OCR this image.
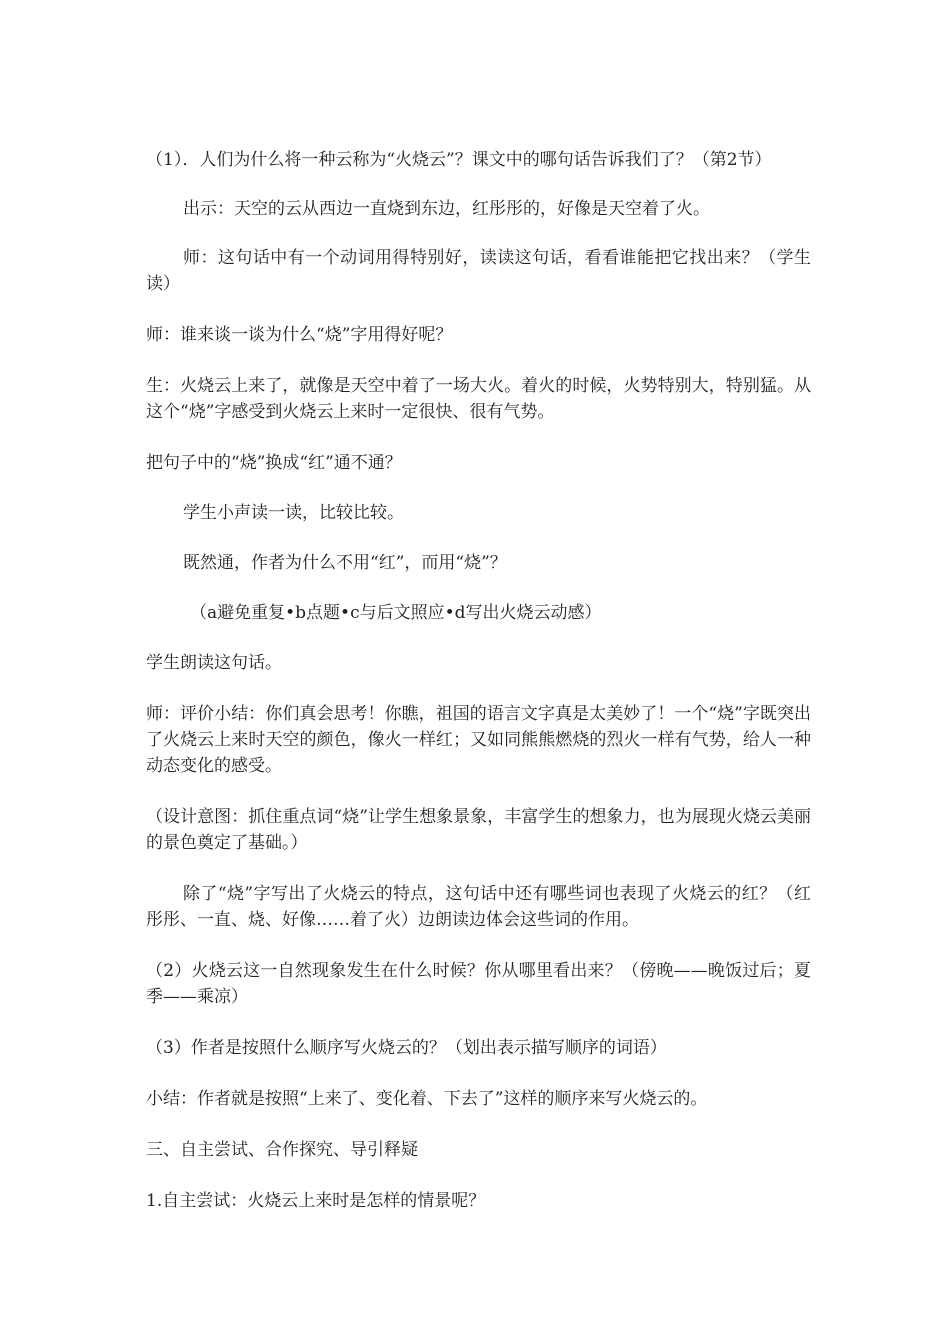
（1）．人们为什么将一种云称为“火烧云”？课文中的哪句话告诉我们了？（第2节）

出示：天空的云从西边一直烧到东边，红彤彤的，好像是天空着了火。

师：这句话中有一个动词用得特别好，读读这句话，看看谁能把它找出来？（学生读）

师：谁来谈一谈为什么“烧”字用得好呢？

生：火烧云上来了，就像是天空中着了一场大火。着火的时候，火势特别大，特别猛。从这个“烧”字感受到火烧云上来时一定很快、很有气势。

把句子中的“烧”换成“红”通不通？

学生小声读一读，比较比较。

既然通，作者为什么不用“红”，而用“烧”？

（a避免重复•b点题•c与后文照应•d写出火烧云动感）

学生朗读这句话。

师：评价小结：你们真会思考！你瞧，祖国的语言文字真是太美妙了！一个“烧”字既突出了火烧云上来时天空的颜色，像火一样红；又如同熊熊燃烧的烈火一样有气势，给人一种动态变化的感受。

（设计意图：抓住重点词“烧”让学生想象景象，丰富学生的想象力，也为展现火烧云美丽的景色奠定了基础。）

除了“烧”字写出了火烧云的特点，这句话中还有哪些词也表现了火烧云的红？（红彤彤、一直、烧、好像……着了火）边朗读边体会这些词的作用。

（2）火烧云这一自然现象发生在什么时候？你从哪里看出来？（傍晚——晚饭过后；夏季——乘凉）

（3）作者是按照什么顺序写火烧云的？（划出表示描写顺序的词语）

小结：作者就是按照“上来了、变化着、下去了”这样的顺序来写火烧云的。

三、自主尝试、合作探究、导引释疑

1.自主尝试：火烧云上来时是怎样的情景呢？
